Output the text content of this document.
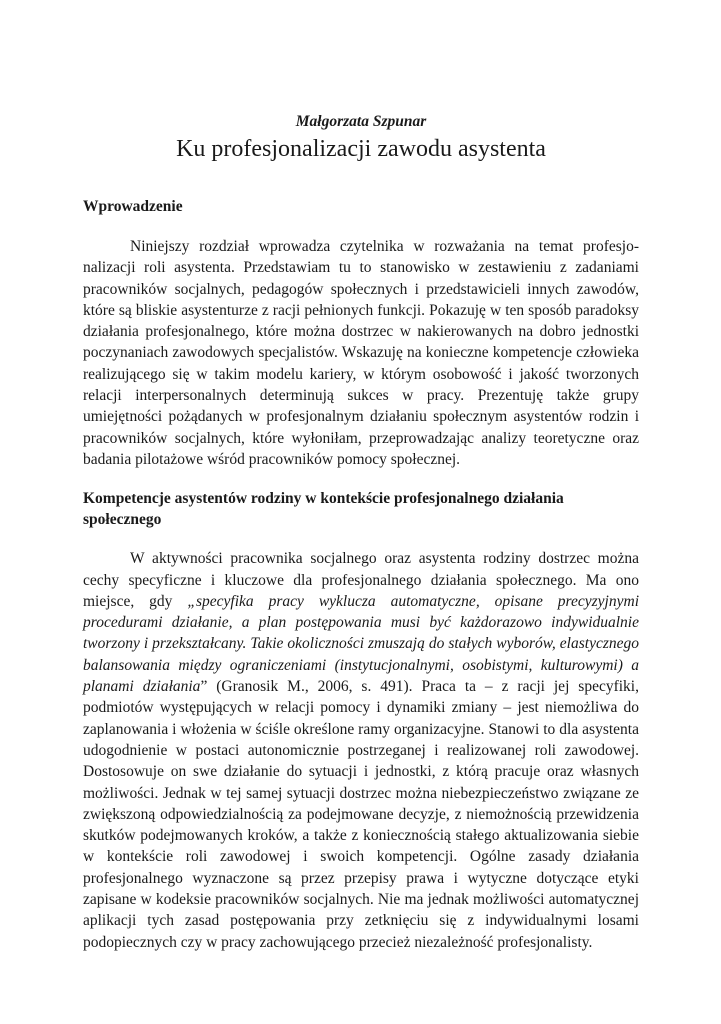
Małgorzata Szpunar
Ku profesjonalizacji zawodu asystenta
Wprowadzenie

Niniejszy rozdział wprowadza czytelnika w rozważania na temat profesjonalizacji roli asystenta. Przedstawiam tu to stanowisko w zestawieniu z zadaniami pracowników socjalnych, pedagogów społecznych i przedstawicieli innych zawodów, które są bliskie asystenturze z racji pełnionych funkcji. Pokazuję w ten sposób paradoksy działania profesjonalnego, które można dostrzec w nakierowanych na dobro jednostki poczynaniach zawodowych specjalistów. Wskazuję na konieczne kompetencje człowieka realizującego się w takim modelu kariery, w którym osobowość i jakość tworzonych relacji interpersonalnych determinują sukces w pracy. Prezentuję także grupy umiejętności pożądanych w profesjonalnym działaniu społecznym asystentów rodzin i pracowników socjalnych, które wyłoniłam, przeprowadzając analizy teoretyczne oraz badania pilotażowe wśród pracowników pomocy społecznej.

Kompetencje asystentów rodziny w kontekście profesjonalnego działania społecznego

W aktywności pracownika socjalnego oraz asystenta rodziny dostrzec można cechy specyficzne i kluczowe dla profesjonalnego działania społecznego. Ma ono miejsce, gdy „specyfika pracy wyklucza automatyczne, opisane precyzyjnymi procedurami działanie, a plan postępowania musi być każdorazowo indywidualnie tworzony i przekształcany. Takie okoliczności zmuszają do stałych wyborów, elastycznego balansowania między ograniczeniami (instytucjonalnymi, osobistymi, kulturowymi) a planami działania” (Granosik M., 2006, s. 491). Praca ta – z racji jej specyfiki, podmiotów występujących w relacji pomocy i dynamiki zmiany – jest niemożliwa do zaplanowania i włożenia w ściśle określone ramy organizacyjne. Stanowi to dla asystenta udogodnienie w postaci autonomicznie postrzeganej i realizowanej roli zawodowej. Dostosowuje on swe działanie do sytuacji i jednostki, z którą pracuje oraz własnych możliwości. Jednak w tej samej sytuacji dostrzec można niebezpieczeństwo związane ze zwiększoną odpowiedzialnością za podejmowane decyzje, z niemożnością przewidzenia skutków podejmowanych kroków, a także z koniecznością stałego aktualizowania siebie w kontekście roli zawodowej i swoich kompetencji. Ogólne zasady działania profesjonalnego wyznaczone są przez przepisy prawa i wytyczne dotyczące etyki zapisane w kodeksie pracowników socjalnych. Nie ma jednak możliwości automatycznej aplikacji tych zasad postępowania przy zetknięciu się z indywidualnymi losami podopiecznych czy w pracy zachowującego przecież niezależność profesjonalisty.
